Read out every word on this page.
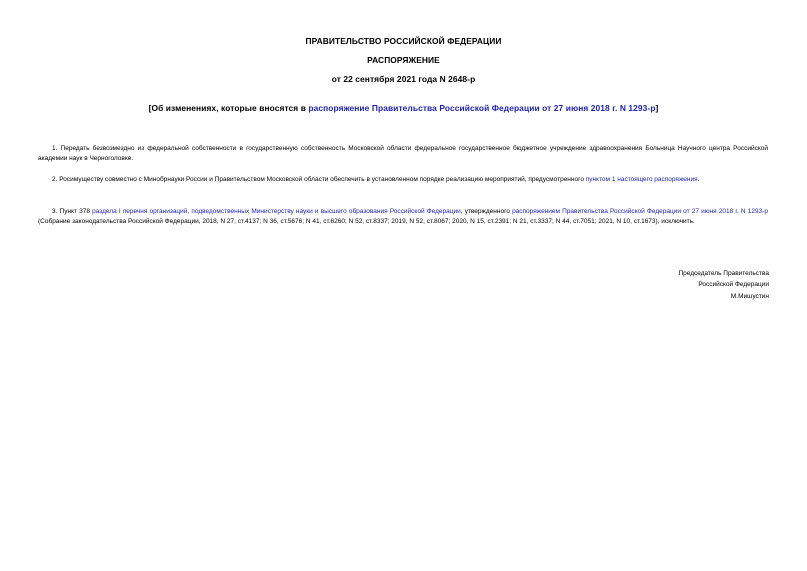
ПРАВИТЕЛЬСТВО РОССИЙСКОЙ ФЕДЕРАЦИИ
РАСПОРЯЖЕНИЕ
от 22 сентября 2021 года N 2648-р
[Об изменениях, которые вносятся в распоряжение Правительства Российской Федерации от 27 июня 2018 г. N 1293-р]
1. Передать безвозмездно из федеральной собственности в государственную собственность Московской области федеральное государственное бюджетное учреждение здравоохранения Больница Научного центра Российской академии наук в Черноголовке.
2. Росимуществу совместно с Минобрнауки России и Правительством Московской области обеспечить в установленном порядке реализацию мероприятий, предусмотренного пунктом 1 настоящего распоряжения.
3. Пункт 378 раздела I перечня организаций, подведомственных Министерству науки и высшего образования Российской Федерации, утвержденного распоряжением Правительства Российской Федерации от 27 июня 2018 г. N 1293-р (Собрание законодательства Российской Федерации, 2018, N 27, ст.4137; N 36, ст.5676; N 41, ст.6260; N 52, ст.8337; 2019, N 52, ст.8067; 2020, N 15, ст.2391; N 21, ст.3337; N 44, ст.7051; 2021, N 10, ст.1673), исключить.
Председатель Правительства
Российской Федерации
М.Мишустин
